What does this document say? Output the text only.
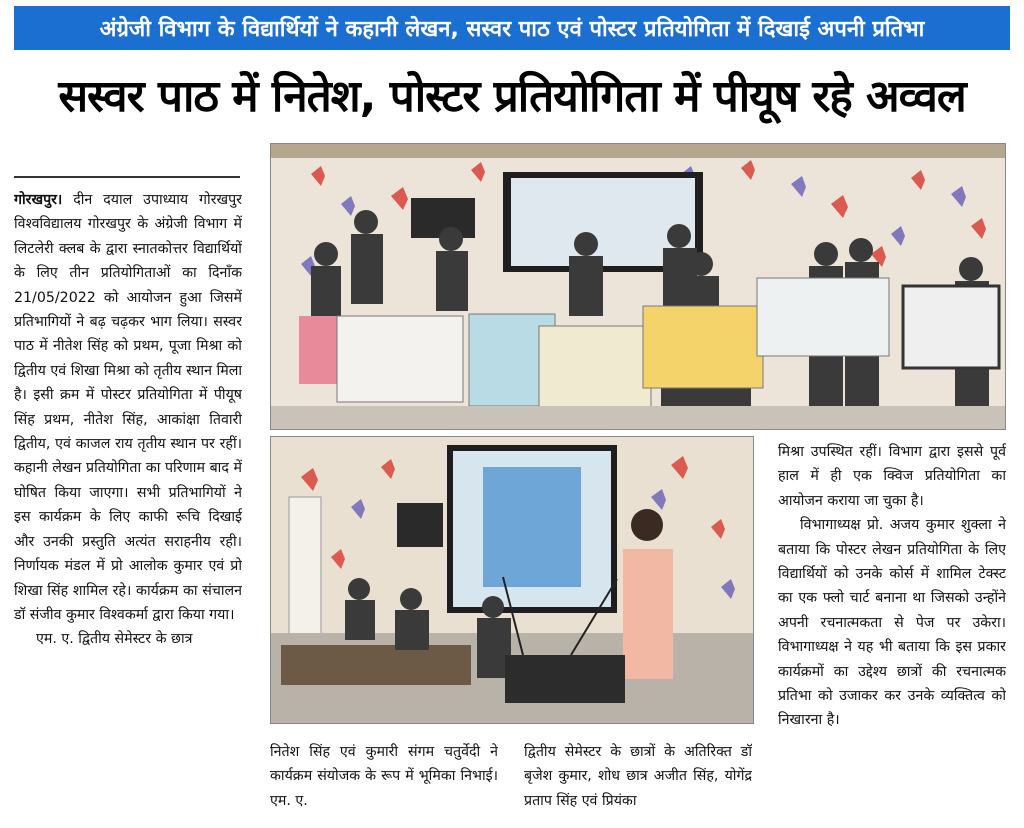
अंग्रेजी विभाग के विद्यार्थियों ने कहानी लेखन, सस्वर पाठ एवं पोस्टर प्रतियोगिता में दिखाई अपनी प्रतिभा
सस्वर पाठ में नितेश, पोस्टर प्रतियोगिता में पीयूष रहे अव्वल

गोरखपुर। दीन दयाल उपाध्याय गोरखपुर विश्वविद्यालय गोरखपुर के अंग्रेजी विभाग में लिटलेरी क्लब के द्वारा स्नातकोत्तर विद्यार्थियों के लिए तीन प्रतियोगिताओं का दिनाँक 21/05/2022 को आयोजन हुआ जिसमें प्रतिभागियों ने बढ़ चढ़कर भाग लिया। सस्वर पाठ में नीतेश सिंह को प्रथम, पूजा मिश्रा को द्वितीय एवं शिखा मिश्रा को तृतीय स्थान मिला है। इसी क्रम में पोस्टर प्रतियोगिता में पीयूष सिंह प्रथम, नीतेश सिंह, आकांक्षा तिवारी द्वितीय, एवं काजल राय तृतीय स्थान पर रहीं। कहानी लेखन प्रतियोगिता का परिणाम बाद में घोषित किया जाएगा। सभी प्रतिभागियों ने इस कार्यक्रम के लिए काफी रूचि दिखाई और उनकी प्रस्तुति अत्यंत सराहनीय रही। निर्णायक मंडल में प्रो आलोक कुमार एवं प्रो शिखा सिंह शामिल रहे। कार्यक्रम का संचालन डॉ संजीव कुमार विश्वकर्मा द्वारा किया गया।

एम. ए. द्वितीय सेमेस्टर के छात्र

नितेश सिंह एवं कुमारी संगम चतुर्वेदी ने कार्यक्रम संयोजक के रूप में भूमिका निभाई। एम. ए.

द्वितीय सेमेस्टर के छात्रों के अतिरिक्त डॉ बृजेश कुमार, शोध छात्र अजीत सिंह, योगेंद्र प्रताप सिंह एवं प्रियंका

मिश्रा उपस्थित रहीं। विभाग द्वारा इससे पूर्व हाल में ही एक क्विज प्रतियोगिता का आयोजन कराया जा चुका है।

विभागाध्यक्ष प्रो. अजय कुमार शुक्ला ने बताया कि पोस्टर लेखन प्रतियोगिता के लिए विद्यार्थियों को उनके कोर्स में शामिल टेक्स्ट का एक फ्लो चार्ट बनाना था जिसको उन्होंने अपनी रचनात्मकता से पेज पर उकेरा। विभागाध्यक्ष ने यह भी बताया कि इस प्रकार कार्यक्रमों का उद्देश्य छात्रों की रचनात्मक प्रतिभा को उजाकर कर उनके व्यक्तित्व को निखारना है।
